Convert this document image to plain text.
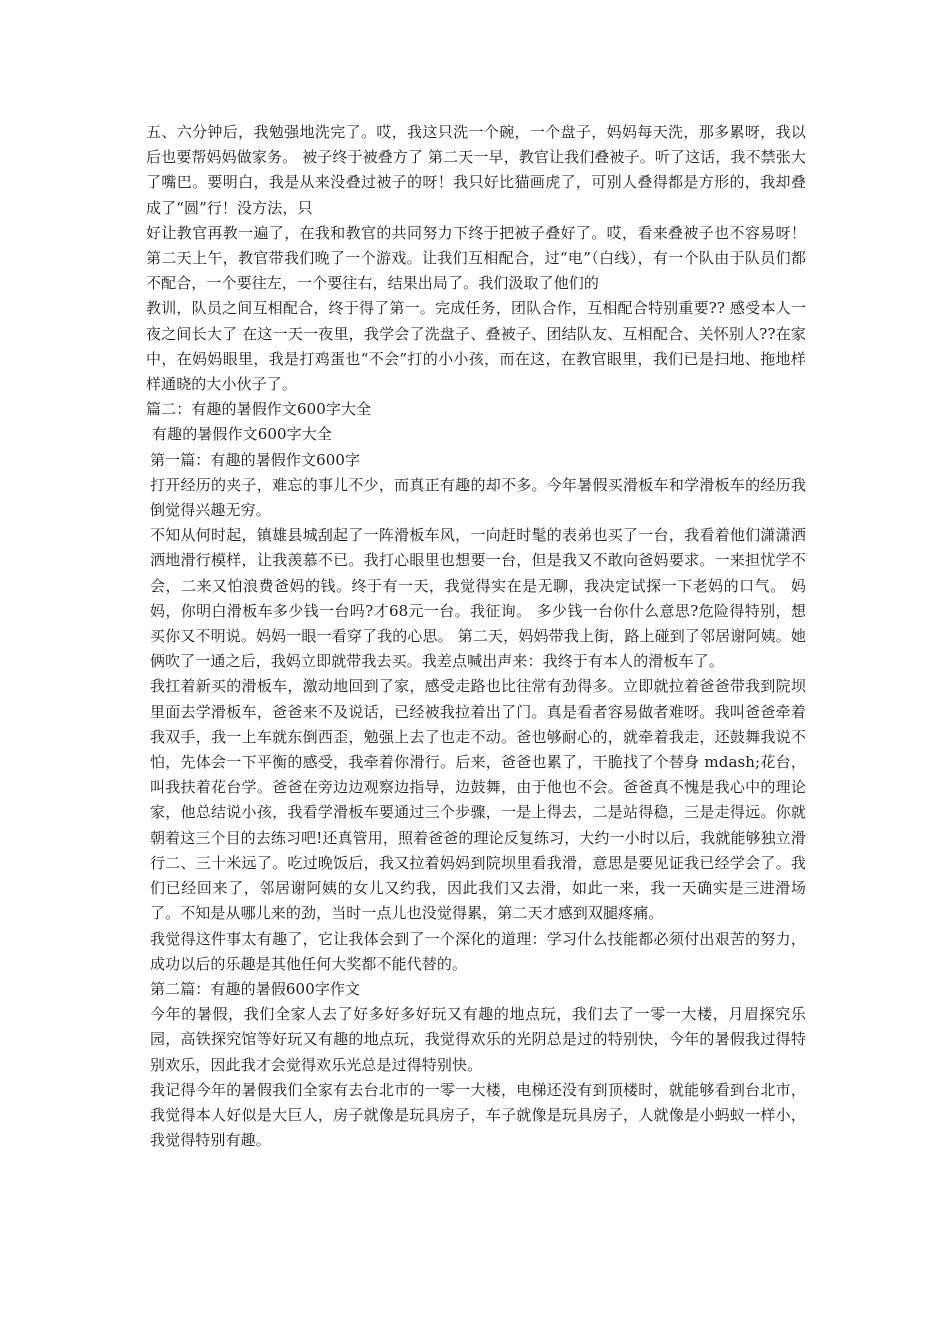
五、六分钟后，我勉强地洗完了。哎，我这只洗一个碗，一个盘子，妈妈每天洗，那多累呀，我以后也要帮妈妈做家务。 被子终于被叠方了 第二天一早，教官让我们叠被子。听了这话，我不禁张大了嘴巴。要明白，我是从来没叠过被子的呀！我只好比猫画虎了，可别人叠得都是方形的，我却叠成了“圆”行！没方法，只

好让教官再教一遍了，在我和教官的共同努力下终于把被子叠好了。哎，看来叠被子也不容易呀！ 第二天上午，教官带我们晚了一个游戏。让我们互相配合，过“电”（白线），有一个队由于队员们都不配合，一个要往左，一个要往右，结果出局了。我们汲取了他们的

教训，队员之间互相配合，终于得了第一。完成任务，团队合作，互相配合特别重要?? 感受本人一夜之间长大了 在这一天一夜里，我学会了洗盘子、叠被子、团结队友、互相配合、关怀别人??在家中，在妈妈眼里，我是打鸡蛋也“不会”打的小小孩，而在这，在教官眼里，我们已是扫地、拖地样样通晓的大小伙子了。

篇二：有趣的暑假作文600字大全

有趣的暑假作文600字大全

第一篇：有趣的暑假作文600字

打开经历的夹子，难忘的事儿不少，而真正有趣的却不多。今年暑假买滑板车和学滑板车的经历我倒觉得兴趣无穷。

不知从何时起，镇雄县城刮起了一阵滑板车风，一向赶时髦的表弟也买了一台，我看着他们潇潇洒洒地滑行模样，让我羡慕不已。我打心眼里也想要一台，但是我又不敢向爸妈要求。一来担忧学不会，二来又怕浪费爸妈的钱。终于有一天，我觉得实在是无聊，我决定试探一下老妈的口气。 妈妈，你明白滑板车多少钱一台吗?才68元一台。我征询。 多少钱一台你什么意思?危险得特别，想买你又不明说。妈妈一眼一看穿了我的心思。 第二天，妈妈带我上街，路上碰到了邻居谢阿姨。她俩吹了一通之后，我妈立即就带我去买。我差点喊出声来：我终于有本人的滑板车了。

我扛着新买的滑板车，激动地回到了家，感受走路也比往常有劲得多。立即就拉着爸爸带我到院坝里面去学滑板车，爸爸来不及说话，已经被我拉着出了门。真是看者容易做者难呀。我叫爸爸牵着我双手，我一上车就东倒西歪，勉强上去了也走不动。爸也够耐心的，就牵着我走，还鼓舞我说不怕，先体会一下平衡的感受，我牵着你滑行。后来，爸爸也累了，干脆找了个替身 mdash;花台，叫我扶着花台学。爸爸在旁边边观察边指导，边鼓舞，由于他也不会。爸爸真不愧是我心中的理论家，他总结说小孩，我看学滑板车要通过三个步骤，一是上得去，二是站得稳，三是走得远。你就朝着这三个目的去练习吧!还真管用，照着爸爸的理论反复练习，大约一小时以后，我就能够独立滑行二、三十米远了。吃过晚饭后，我又拉着妈妈到院坝里看我滑，意思是要见证我已经学会了。我们已经回来了，邻居谢阿姨的女儿又约我，因此我们又去滑，如此一来，我一天确实是三进滑场了。不知是从哪儿来的劲，当时一点儿也没觉得累，第二天才感到双腿疼痛。

我觉得这件事太有趣了，它让我体会到了一个深化的道理：学习什么技能都必须付出艰苦的努力，成功以后的乐趣是其他任何大奖都不能代替的。

第二篇：有趣的暑假600字作文

今年的暑假，我们全家人去了好多好多好玩又有趣的地点玩，我们去了一零一大楼，月眉探究乐园，高铁探究馆等好玩又有趣的地点玩，我觉得欢乐的光阴总是过的特别快，今年的暑假我过得特别欢乐，因此我才会觉得欢乐光总是过得特别快。

我记得今年的暑假我们全家有去台北市的一零一大楼，电梯还没有到顶楼时，就能够看到台北市，我觉得本人好似是大巨人，房子就像是玩具房子，车子就像是玩具房子，人就像是小蚂蚁一样小，我觉得特别有趣。
